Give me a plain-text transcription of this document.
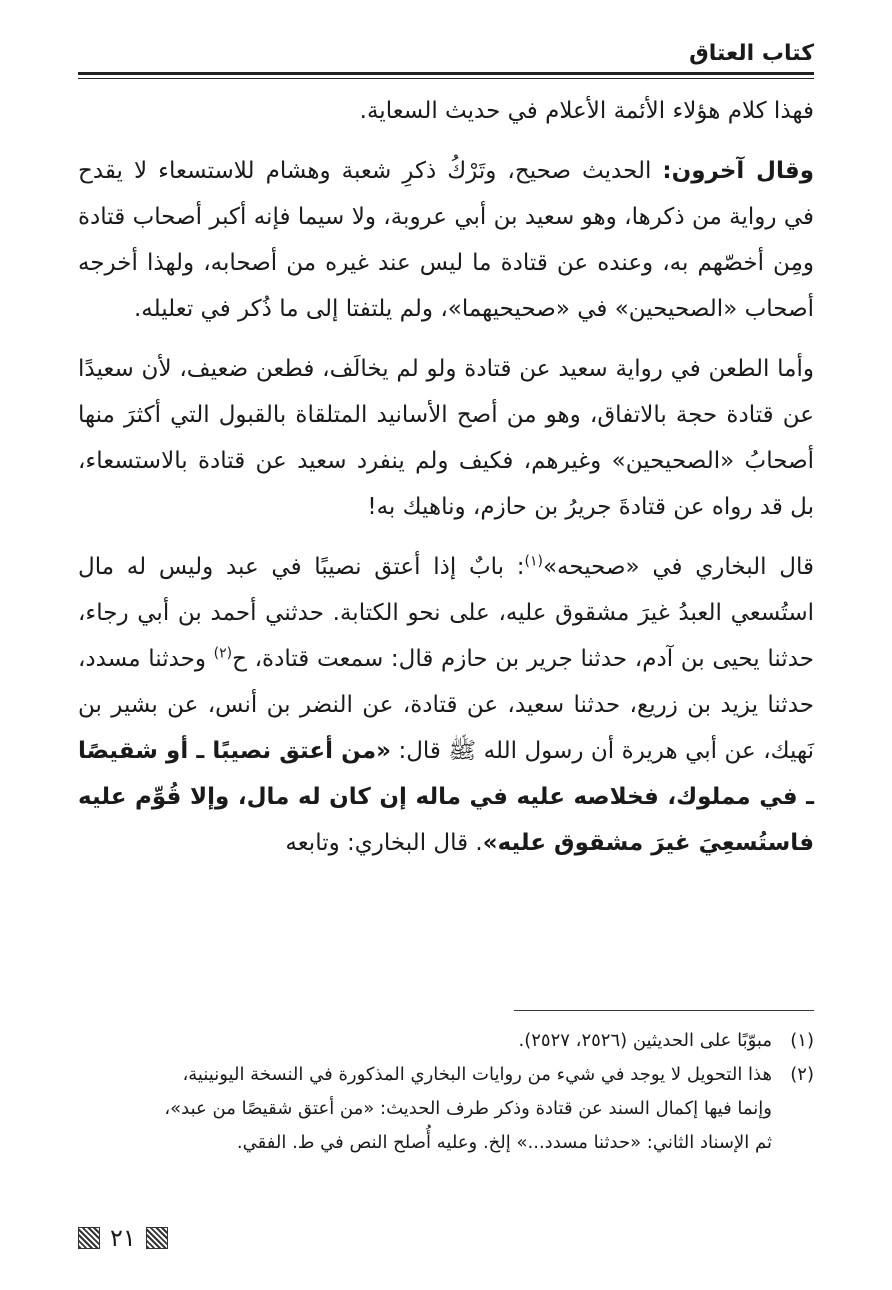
كتاب العتاق

فهذا كلام هؤلاء الأئمة الأعلام في حديث السعاية.

وقال آخرون: الحديث صحيح، وتَرْكُ ذكرِ شعبة وهشام للاستسعاء لا يقدح في رواية من ذكرها، وهو سعيد بن أبي عروبة، ولا سيما فإنه أكبر أصحاب قتادة ومِن أخصّهم به، وعنده عن قتادة ما ليس عند غيره من أصحابه، ولهذا أخرجه أصحاب «الصحيحين» في «صحيحيهما»، ولم يلتفتا إلى ما ذُكر في تعليله.

وأما الطعن في رواية سعيد عن قتادة ولو لم يخالَف، فطعن ضعيف، لأن سعيدًا عن قتادة حجة بالاتفاق، وهو من أصح الأسانيد المتلقاة بالقبول التي أكثرَ منها أصحابُ «الصحيحين» وغيرهم، فكيف ولم ينفرد سعيد عن قتادة بالاستسعاء، بل قد رواه عن قتادةَ جريرُ بن حازم، وناهيك به!

قال البخاري في «صحيحه»$^{(١)}$: بابٌ إذا أعتق نصيبًا في عبد وليس له مال استُسعي العبدُ غيرَ مشقوق عليه، على نحو الكتابة. حدثني أحمد بن أبي رجاء، حدثنا يحيى بن آدم، حدثنا جرير بن حازم قال: سمعت قتادة، ح$^{(٢)}$ وحدثنا مسدد، حدثنا يزيد بن زريع، حدثنا سعيد، عن قتادة، عن النضر بن أنس، عن بشير بن نَهيك، عن أبي هريرة أن رسول الله ﷺ قال: «من أعتق نصيبًا ـ أو شقيصًا ـ في مملوك، فخلاصه عليه في ماله إن كان له مال، وإلا قُوِّم عليه فاستُسعِيَ غيرَ مشقوق عليه». قال البخاري: وتابعه

(١)مبوّبًا على الحديثين (٢٥٢٦، ٢٥٢٧).

(٢)هذا التحويل لا يوجد في شيء من روايات البخاري المذكورة في النسخة اليونينية،

وإنما فيها إكمال السند عن قتادة وذكر طرف الحديث: «من أعتق شقيصًا من عبد»،

ثم الإسناد الثاني: «حدثنا مسدد...» إلخ. وعليه أُصلح النص في ط. الفقي.

٢١
